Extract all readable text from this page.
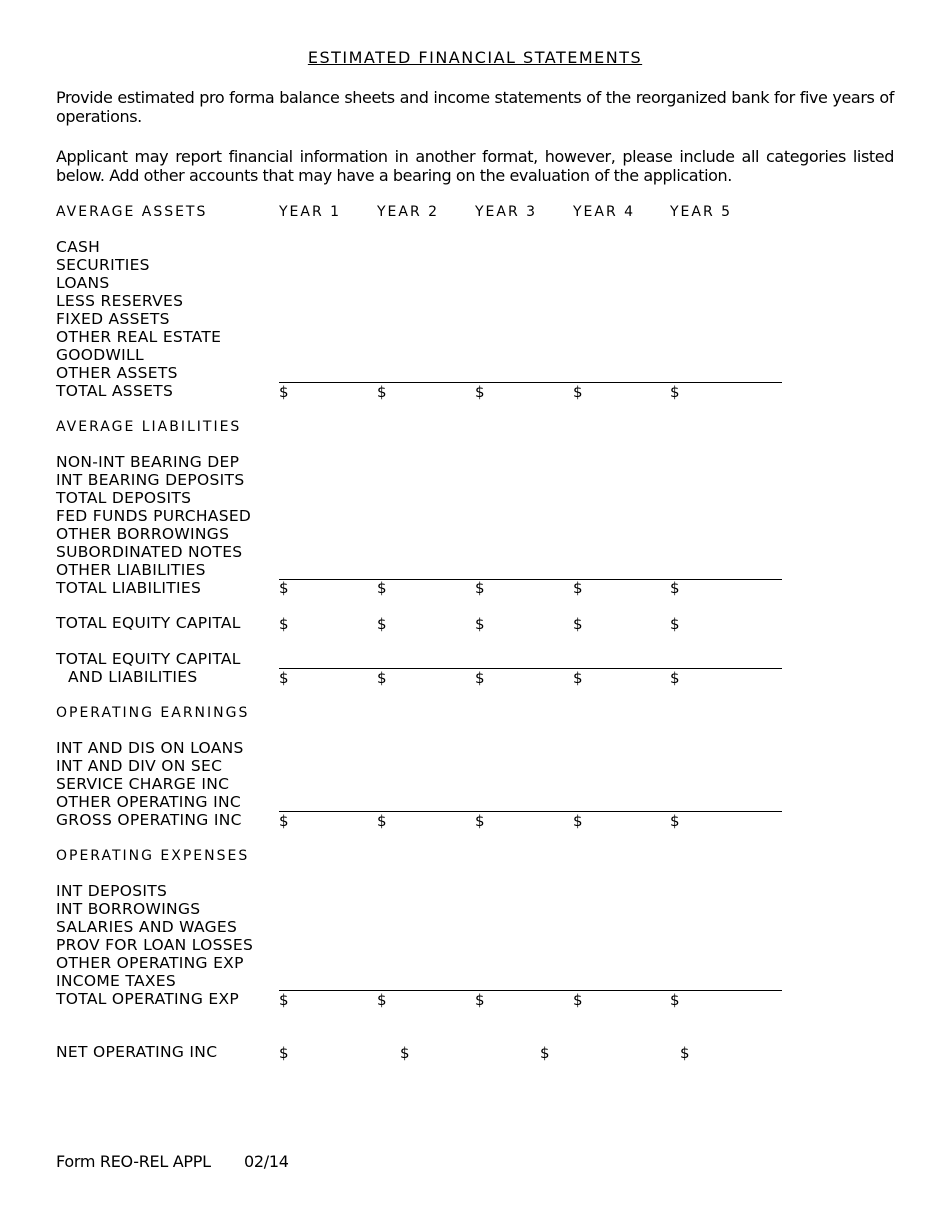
ESTIMATED FINANCIAL STATEMENTS
Provide estimated pro forma balance sheets and income statements of the reorganized bank for five years of operations.
Applicant may report financial information in another format, however, please include all categories listed below. Add other accounts that may have a bearing on the evaluation of the application.
AVERAGE ASSETS	YEAR 1	YEAR 2	YEAR 3	YEAR 4 YEAR 5
CASH
SECURITIES
LOANS
LESS RESERVES
FIXED ASSETS
OTHER REAL ESTATE
GOODWILL
OTHER ASSETS
TOTAL ASSETS	$	$	$	$	$
AVERAGE LIABILITIES
NON-INT BEARING DEP
INT BEARING DEPOSITS
TOTAL DEPOSITS
FED FUNDS PURCHASED
OTHER BORROWINGS
SUBORDINATED NOTES
OTHER LIABILITIES
TOTAL LIABILITIES	$	$	$	$	$
TOTAL EQUITY CAPITAL	$	$	$	$	$
TOTAL EQUITY CAPITAL
AND LIABILITIES	$	$	$	$	$
OPERATING EARNINGS
INT AND DIS ON LOANS
INT AND DIV ON SEC
SERVICE CHARGE INC
OTHER OPERATING INC
GROSS OPERATING INC $	$	$	$	$
OPERATING EXPENSES
INT DEPOSITS
INT BORROWINGS
SALARIES AND WAGES
PROV FOR LOAN LOSSES
OTHER OPERATING EXP
INCOME TAXES
TOTAL OPERATING EXP	$	$	$	$	$
NET OPERATING INC	$	$	$	$
Form REO-REL APPL 02/14
